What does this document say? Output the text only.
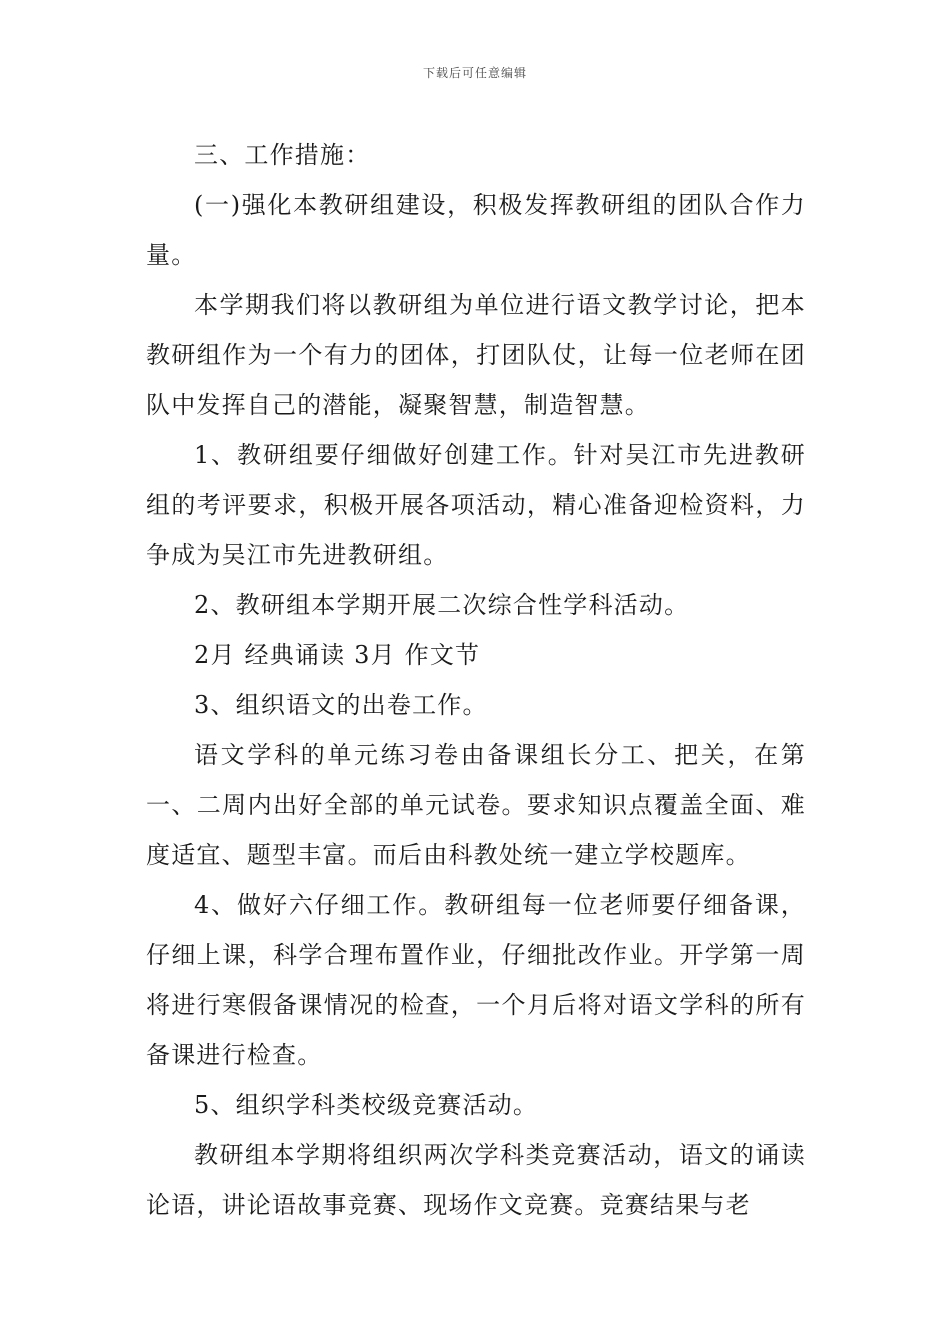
下载后可任意编辑

三、工作措施：

(一)强化本教研组建设，积极发挥教研组的团队合作力量。

本学期我们将以教研组为单位进行语文教学讨论，把本教研组作为一个有力的团体，打团队仗，让每一位老师在团队中发挥自己的潜能，凝聚智慧，制造智慧。

1、教研组要仔细做好创建工作。针对吴江市先进教研组的考评要求，积极开展各项活动，精心准备迎检资料，力争成为吴江市先进教研组。

2、教研组本学期开展二次综合性学科活动。

2月 经典诵读 3月 作文节

3、组织语文的出卷工作。

语文学科的单元练习卷由备课组长分工、把关，在第一、二周内出好全部的单元试卷。要求知识点覆盖全面、难度适宜、题型丰富。而后由科教处统一建立学校题库。

4、做好六仔细工作。教研组每一位老师要仔细备课，仔细上课，科学合理布置作业，仔细批改作业。开学第一周将进行寒假备课情况的检查，一个月后将对语文学科的所有备课进行检查。

5、组织学科类校级竞赛活动。

教研组本学期将组织两次学科类竞赛活动，语文的诵读论语，讲论语故事竞赛、现场作文竞赛。竞赛结果与老
